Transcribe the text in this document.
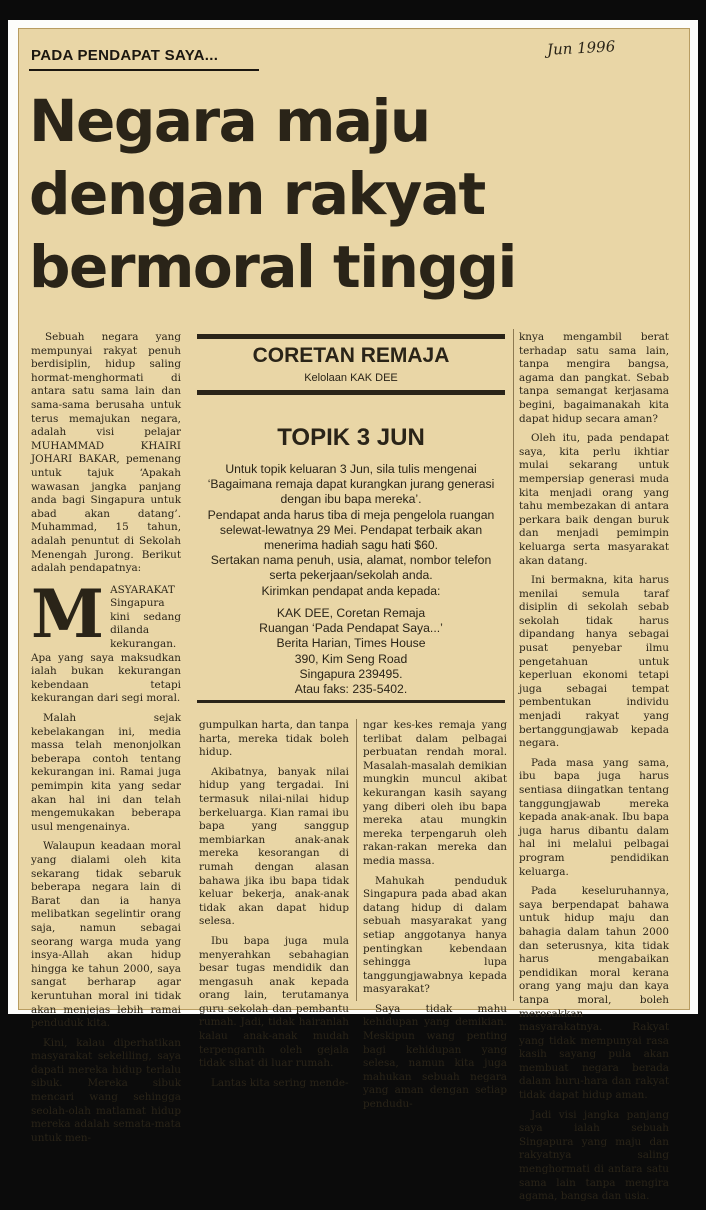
PADA PENDAPAT SAYA...	Jun 1996
Negara maju
dengan rakyat
bermoral tinggi

Sebuah negara yang mempunyai rakyat penuh berdisiplin, hidup saling hormat-menghormati di antara satu sama lain dan sama-sama berusaha untuk terus memajukan negara, adalah visi pelajar MUHAMMAD KHAIRI JOHARI BAKAR, pemenang untuk tajuk ‘Apakah wawasan jangka panjang anda bagi Singapura untuk abad akan datang’. Muhammad, 15 tahun, adalah penuntut di Sekolah Menengah Jurong. Berikut adalah pendapatnya:

M ASYARAKAT Singapura kini sedang dilanda kekurangan. Apa yang saya maksudkan ialah bukan kekurangan kebendaan tetapi kekurangan dari segi moral.

Malah sejak kebelakangan ini, media massa telah menonjolkan beberapa contoh tentang kekurangan ini. Ramai juga pemimpin kita yang sedar akan hal ini dan telah mengemukakan beberapa usul mengenainya.

Walaupun keadaan moral yang dialami oleh kita sekarang tidak sebaruk beberapa negara lain di Barat dan ia hanya melibatkan segelintir orang saja, namun sebagai seorang warga muda yang insya-Allah akan hidup hingga ke tahun 2000, saya sangat berharap agar keruntuhan moral ini tidak akan menjejas lebih ramai penduduk kita.

Kini, kalau diperhatikan masyarakat sekeliling, saya dapati mereka hidup terlalu sibuk. Mereka sibuk mencari wang sehingga seolah-olah matlamat hidup mereka adalah semata-mata untuk men-

CORETAN REMAJA
Kelolaan KAK DEE
TOPIK 3 JUN

Untuk topik keluaran 3 Jun, sila tulis mengenai ‘Bagaimana remaja dapat kurangkan jurang generasi dengan ibu bapa mereka’.

Pendapat anda harus tiba di meja pengelola ruangan selewat-lewatnya 29 Mei. Pendapat terbaik akan menerima hadiah sagu hati $60.

Sertakan nama penuh, usia, alamat, nombor telefon serta pekerjaan/sekolah anda.

Kirimkan pendapat anda kepada:

KAK DEE, Coretan Remaja
Ruangan ‘Pada Pendapat Saya...’
Berita Harian, Times House
390, Kim Seng Road
Singapura 239495.
Atau faks: 235-5402.

gumpulkan harta, dan tanpa harta, mereka tidak boleh hidup.

Akibatnya, banyak nilai hidup yang tergadai. Ini termasuk nilai-nilai hidup berkeluarga. Kian ramai ibu bapa yang sanggup membiarkan anak-anak mereka kesorangan di rumah dengan alasan bahawa jika ibu bapa tidak keluar bekerja, anak-anak tidak akan dapat hidup selesa.

Ibu bapa juga mula menyerahkan sebahagian besar tugas mendidik dan mengasuh anak kepada orang lain, terutamanya guru sekolah dan pembantu rumah. Jadi, tidak hairanlah kalau anak-anak mudah terpengaruh oleh gejala tidak sihat di luar rumah.

Lantas kita sering mende-

ngar kes-kes remaja yang terlibat dalam pelbagai perbuatan rendah moral. Masalah-masalah demikian mungkin muncul akibat kekurangan kasih sayang yang diberi oleh ibu bapa mereka atau mungkin mereka terpengaruh oleh rakan-rakan mereka dan media massa.

Mahukah penduduk Singapura pada abad akan datang hidup di dalam sebuah masyarakat yang setiap anggotanya hanya pentingkan kebendaan sehingga lupa tanggungjawabnya kepada masyarakat?

Saya tidak mahu kehidupan yang demikian. Meskipun wang penting bagi kehidupan yang selesa, namun kita juga mahukan sebuah negara yang aman dengan setiap pendudu-

knya mengambil berat terhadap satu sama lain, tanpa mengira bangsa, agama dan pangkat. Sebab tanpa semangat kerjasama begini, bagaimanakah kita dapat hidup secara aman?

Oleh itu, pada pendapat saya, kita perlu ikhtiar mulai sekarang untuk mempersiap generasi muda kita menjadi orang yang tahu membezakan di antara perkara baik dengan buruk dan menjadi pemimpin keluarga serta masyarakat akan datang.

Ini bermakna, kita harus menilai semula taraf disiplin di sekolah sebab sekolah tidak harus dipandang hanya sebagai pusat penyebar ilmu pengetahuan untuk keperluan ekonomi tetapi juga sebagai tempat pembentukan individu menjadi rakyat yang bertanggungjawab kepada negara.

Pada masa yang sama, ibu bapa juga harus sentiasa diingatkan tentang tanggungjawab mereka kepada anak-anak. Ibu bapa juga harus dibantu dalam hal ini melalui pelbagai program pendidikan keluarga.

Pada keseluruhannya, saya berpendapat bahawa untuk hidup maju dan bahagia dalam tahun 2000 dan seterusnya, kita tidak harus mengabaikan pendidikan moral kerana orang yang maju dan kaya tanpa moral, boleh merosakkan masyarakatnya. Rakyat yang tidak mempunyai rasa kasih sayang pula akan membuat negara berada dalam huru-hara dan rakyat tidak dapat hidup aman.

Jadi visi jangka panjang saya ialah sebuah Singapura yang maju dan rakyatnya saling menghormati di antara satu sama lain tanpa mengira agama, bangsa dan usia.
